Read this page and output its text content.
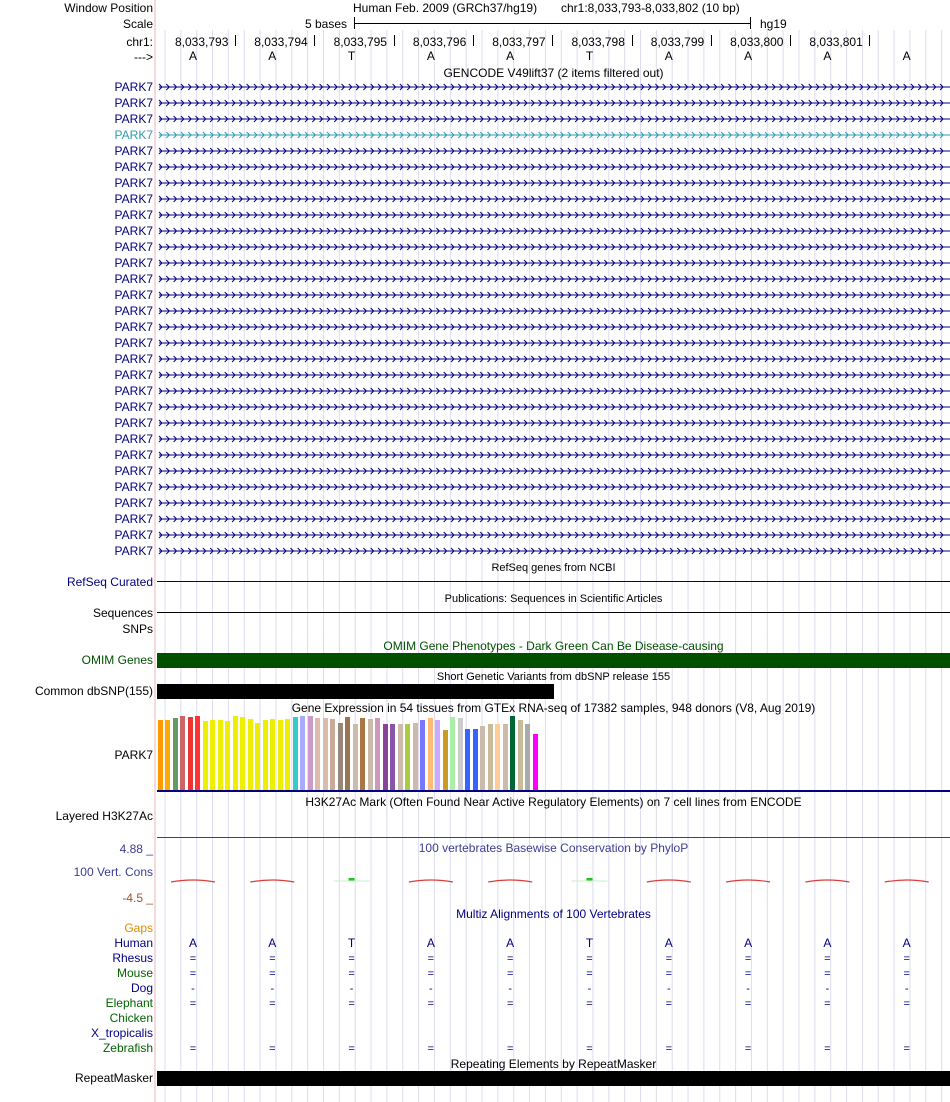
Window Position	Human Feb. 2009 (GRCh37/hg19) chr1:8,033,793-8,033,802 (10 bp)
Scale	5 bases	hg19
chr1: 8,033,793 8,033,794 8,033,795 8,033,796 8,033,797 8,033,798 8,033,799 8,033,800 8,033,801
--->	A	A	T	A	A	T	A	A	A	A
GENCODE V49lift37 (2 items filtered out)
PARK7
PARK7
PARK7
PARK7
PARK7
PARK7
PARK7
PARK7
PARK7
PARK7
PARK7
PARK7
PARK7
PARK7
PARK7
PARK7
PARK7
PARK7
PARK7
PARK7
PARK7
PARK7
PARK7
PARK7
PARK7
PARK7
PARK7
PARK7
PARK7
PARK7
RefSeq genes from NCBI
RefSeq Curated
Publications: Sequences in Scientific Articles
Sequences
SNPs
OMIM Gene Phenotypes - Dark Green Can Be Disease-causing
OMIM Genes
Short Genetic Variants from dbSNP release 155
Common dbSNP(155)
Gene Expression in 54 tissues from GTEx RNA-seq of 17382 samples, 948 donors (V8, Aug 2019)
PARK7
H3K27Ac Mark (Often Found Near Active Regulatory Elements) on 7 cell lines from ENCODE
Layered H3K27Ac
100 vertebrates Basewise Conservation by PhyloP
4.88 _
100 Vert. Cons
-4.5 _
Multiz Alignments of 100 Vertebrates
Gaps
Human	A	A	T	A	A	T	A	A	A	A
Rhesus	=	=	=	=	=	=	=	=	=	=
Mouse	=	=	=	=	=	=	=	=	=	=
Dog	-	-	-	-	-	-	-	-	-	-
Elephant	=	=	=	=	=	=	=	=	=	=
Chicken
X_tropicalis
Zebrafish	=	=	=	=	=	=	=	=	=	=
Repeating Elements by RepeatMasker
RepeatMasker
